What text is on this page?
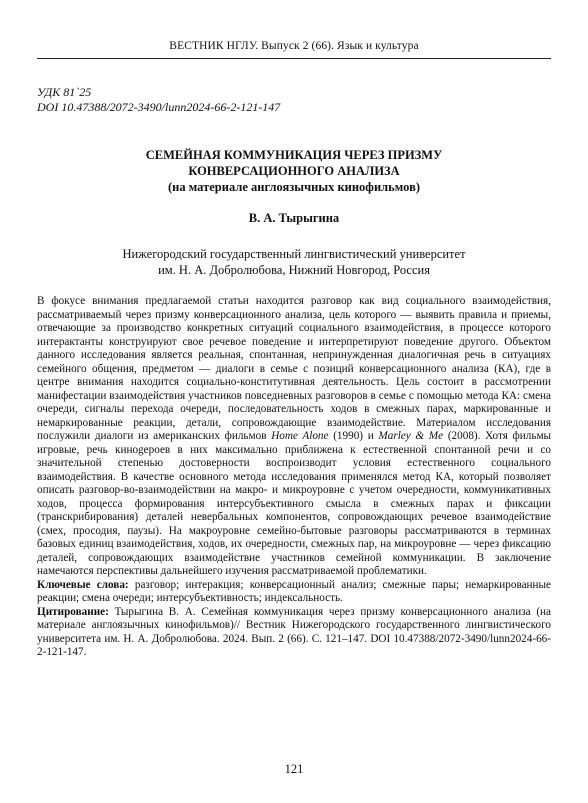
ВЕСТНИК НГЛУ. Выпуск 2 (66). Язык и культура
УДК 81`25
DOI 10.47388/2072-3490/lunn2024-66-2-121-147
СЕМЕЙНАЯ КОММУНИКАЦИЯ ЧЕРЕЗ ПРИЗМУ
КОНВЕРСАЦИОННОГО АНАЛИЗА
(на материале англоязычных кинофильмов)
В. А. Тырыгина
Нижегородский государственный лингвистический университет
им. Н. А. Добролюбова, Нижний Новгород, Россия

В фокусе внимания предлагаемой статьи находится разговор как вид социального взаимодействия, рассматриваемый через призму конверсационного анализа, цель которого — выявить правила и приемы, отвечающие за производство конкретных ситуаций социального взаимодействия, в процессе которого интерактанты конструируют свое речевое поведение и интерпретируют поведение другого. Объектом данного исследования является реальная, спонтанная, непринужденная диалогичная речь в ситуациях семейного общения, предметом — диалоги в семье с позиций конверсационного анализа (КА), где в центре внимания находится социально-конститутивная деятельность. Цель состоит в рассмотрении манифестации взаимодействия участников повседневных разговоров в семье с помощью метода КА: смена очереди, сигналы перехода очереди, последовательность ходов в смежных парах, маркированные и немаркированные реакции, детали, сопровождающие взаимодействие. Материалом исследования послужили диалоги из американских фильмов Home Alone (1990) и Marley & Me (2008). Хотя фильмы игровые, речь кинogероев в них максимально приближена к естественной спонтанной речи и со значительной степенью достоверности воспроизводит условия естественного социального взаимодействия. В качестве основного метода исследования применялся метод КА, который позволяет описать разговор-во-взаимодействии на макро- и микроуровне с учетом очередности, коммуникативных ходов, процесса формирования интерсубъективного смысла в смежных парах и фиксации (транскрибирования) деталей невербальных компонентов, сопровождающих речевое взаимодействие (смех, просодия, паузы). На макроуровне семейно-бытовые разговоры рассматриваются в терминах базовых единиц взаимодействия, ходов, их очередности, смежных пар, на микроуровне — через фиксацию деталей, сопровождающих взаимодействие участников семейной коммуникации. В заключение намечаются перспективы дальнейшего изучения рассматриваемой проблематики.

Ключевые слова: разговор; интеракция; конверсационный анализ; смежные пары; немаркированные реакции; смена очереди; интерсубъективность; индексальность.

Цитирование: Тырыгина В. А. Семейная коммуникация через призму конверсационного анализа (на материале англоязычных кинофильмов)// Вестник Нижегородского государственного лингвистического университета им. Н. А. Добролюбова. 2024. Вып. 2 (66). С. 121–147. DOI 10.47388/2072-3490/lunn2024-66-2-121-147.

121
